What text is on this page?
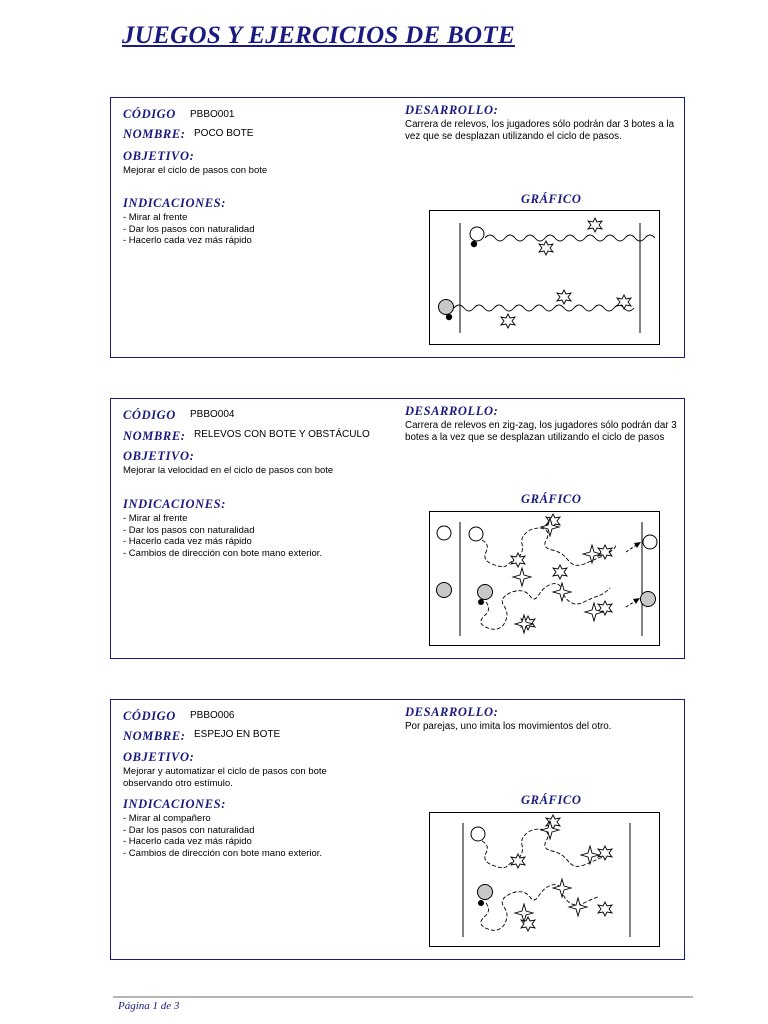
JUEGOS Y EJERCICIOS DE BOTE
CÓDIGO PBBO001
NOMBRE: POCO BOTE
OBJETIVO:
Mejorar el ciclo de pasos con bote
INDICACIONES:
- Mirar al frente
- Dar los pasos con naturalidad
- Hacerlo cada vez más rápido
DESARROLLO:
Carrera de relevos, los jugadores sólo podrán dar 3 botes a la vez que se desplazan utilizando el ciclo de pasos.
GRÁFICO
CÓDIGO PBBO004
NOMBRE: RELEVOS CON BOTE Y OBSTÁCULO
OBJETIVO:
Mejorar la velocidad en el ciclo de pasos con bote
INDICACIONES:
- Mirar al frente
- Dar los pasos con naturalidad
- Hacerlo cada vez más rápido
- Cambios de dirección con bote mano exterior.
DESARROLLO:
Carrera de relevos en zig-zag, los jugadores sólo podrán dar 3 botes a la vez que se desplazan utilizando el ciclo de pasos
GRÁFICO
CÓDIGO PBBO006
NOMBRE: ESPEJO EN BOTE
OBJETIVO:
Mejorar y automatizar el ciclo de pasos con bote observando otro estímulo.
INDICACIONES:
- Mirar al compañero
- Dar los pasos con naturalidad
- Hacerlo cada vez más rápido
- Cambios de dirección con bote mano exterior.
DESARROLLO:
Por parejas, uno imita los movimientos del otro.
GRÁFICO
Página 1 de 3
